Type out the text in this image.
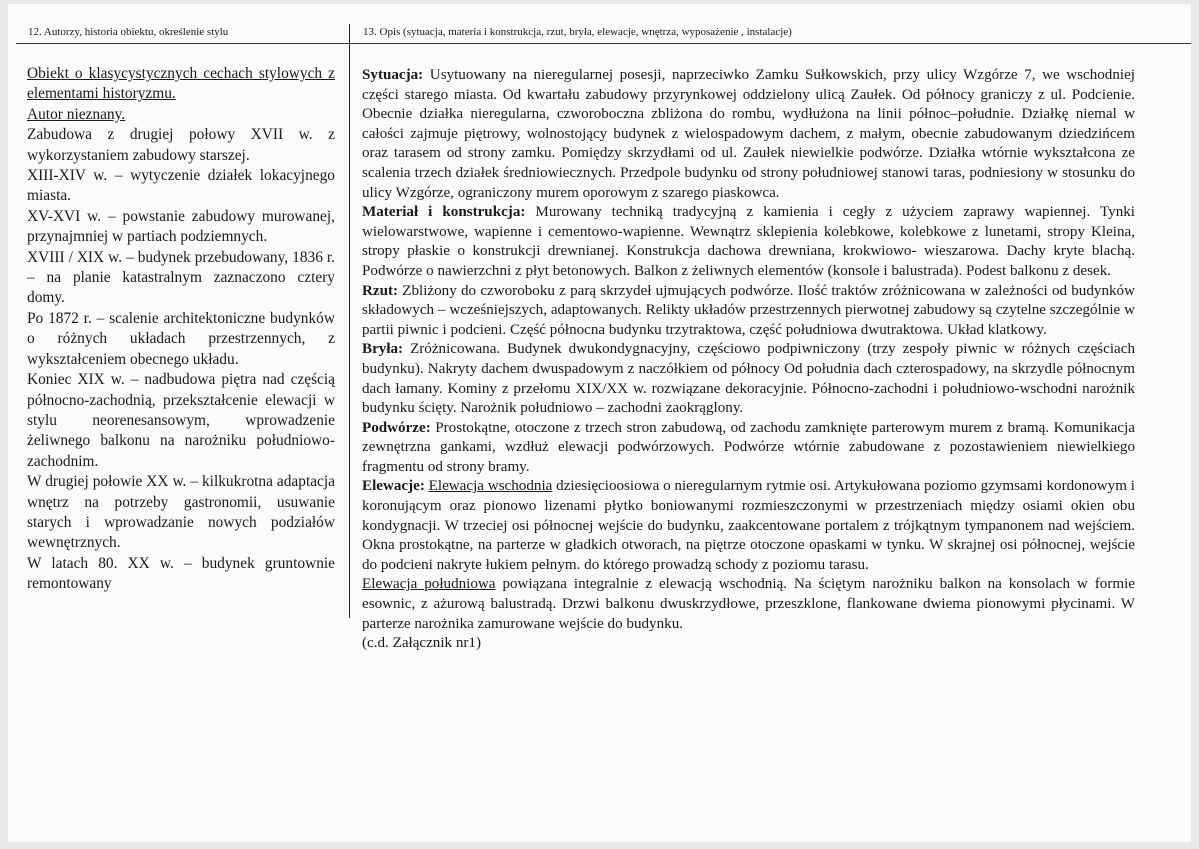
12. Autorzy, historia obiektu, określenie stylu	13. Opis (sytuacja, materia i konstrukcja, rzut, bryła, elewacje, wnętrza, wyposażenie , instalacje)

Obiekt o klasycystycznych cechach stylowych z elementami historyzmu.

Autor nieznany.

Zabudowa z drugiej połowy XVII w. z wykorzystaniem zabudowy starszej.

XIII-XIV w. – wytyczenie działek lokacyjnego miasta.

XV-XVI w. – powstanie zabudowy murowanej, przynajmniej w partiach podziemnych.

XVIII / XIX w. – budynek przebudowany, 1836 r. – na planie katastralnym zaznaczono cztery domy.

Po 1872 r. – scalenie architektoniczne budynków o różnych układach przestrzennych, z wykształceniem obecnego układu.

Koniec XIX w. – nadbudowa piętra nad częścią północno-zachodnią, przekształcenie elewacji w stylu neorenesansowym, wprowadzenie żeliwnego balkonu na narożniku południowo-zachodnim.

W drugiej połowie XX w. – kilkukrotna adaptacja wnętrz na potrzeby gastronomii, usuwanie starych i wprowadzanie nowych podziałów wewnętrznych.

W latach 80. XX w. – budynek gruntownie remontowany

Sytuacja: Usytuowany na nieregularnej posesji, naprzeciwko Zamku Sułkowskich, przy ulicy Wzgórze 7, we wschodniej części starego miasta. Od kwartału zabudowy przyrynkowej oddzielony ulicą Zaułek. Od północy graniczy z ul. Podcienie. Obecnie działka nieregularna, czworoboczna zbliżona do rombu, wydłużona na linii północ–południe. Działkę niemal w całości zajmuje piętrowy, wolnostojący budynek z wielospadowym dachem, z małym, obecnie zabudowanym dziedzińcem oraz tarasem od strony zamku. Pomiędzy skrzydłami od ul. Zaułek niewielkie podwórze. Działka wtórnie wykształcona ze scalenia trzech działek średniowiecznych. Przedpole budynku od strony południowej stanowi taras, podniesiony w stosunku do ulicy Wzgórze, ograniczony murem oporowym z szarego piaskowca.

Materiał i konstrukcja: Murowany techniką tradycyjną z kamienia i cegły z użyciem zaprawy wapiennej. Tynki wielowarstwowe, wapienne i cementowo-wapienne. Wewnątrz sklepienia kolebkowe, kolebkowe z lunetami, stropy Kleina, stropy płaskie o konstrukcji drewnianej. Konstrukcja dachowa drewniana, krokwiowo- wieszarowa. Dachy kryte blachą. Podwórze o nawierzchni z płyt betonowych. Balkon z żeliwnych elementów (konsole i balustrada). Podest balkonu z desek.

Rzut: Zbliżony do czworoboku z parą skrzydeł ujmujących podwórze. Ilość traktów zróżnicowana w zależności od budynków składowych – wcześniejszych, adaptowanych. Relikty układów przestrzennych pierwotnej zabudowy są czytelne szczególnie w partii piwnic i podcieni. Część północna budynku trzytraktowa, część południowa dwutraktowa. Układ klatkowy.

Bryła: Zróżnicowana. Budynek dwukondygnacyjny, częściowo podpiwniczony (trzy zespoły piwnic w różnych częściach budynku). Nakryty dachem dwuspadowym z naczółkiem od północy Od południa dach czterospadowy, na skrzydle północnym dach łamany. Kominy z przełomu XIX/XX w. rozwiązane dekoracyjnie. Północno-zachodni i południowo-wschodni narożnik budynku ścięty. Narożnik południowo – zachodni zaokrąglony.

Podwórze: Prostokątne, otoczone z trzech stron zabudową, od zachodu zamknięte parterowym murem z bramą. Komunikacja zewnętrzna gankami, wzdłuż elewacji podwórzowych. Podwórze wtórnie zabudowane z pozostawieniem niewielkiego fragmentu od strony bramy.

Elewacje: Elewacja wschodnia dziesięcioosiowa o nieregularnym rytmie osi. Artykułowana poziomo gzymsami kordonowym i koronującym oraz pionowo lizenami płytko boniowanymi rozmieszczonymi w przestrzeniach między osiami okien obu kondygnacji. W trzeciej osi północnej wejście do budynku, zaakcentowane portalem z trójkątnym tympanonem nad wejściem. Okna prostokątne, na parterze w gładkich otworach, na piętrze otoczone opaskami w tynku. W skrajnej osi północnej, wejście do podcieni nakryte łukiem pełnym. do którego prowadzą schody z poziomu tarasu.

Elewacja południowa powiązana integralnie z elewacją wschodnią. Na ściętym narożniku balkon na konsolach w formie esownic, z ażurową balustradą. Drzwi balkonu dwuskrzydłowe, przeszklone, flankowane dwiema pionowymi płycinami. W parterze narożnika zamurowane wejście do budynku.

(c.d. Załącznik nr1)
